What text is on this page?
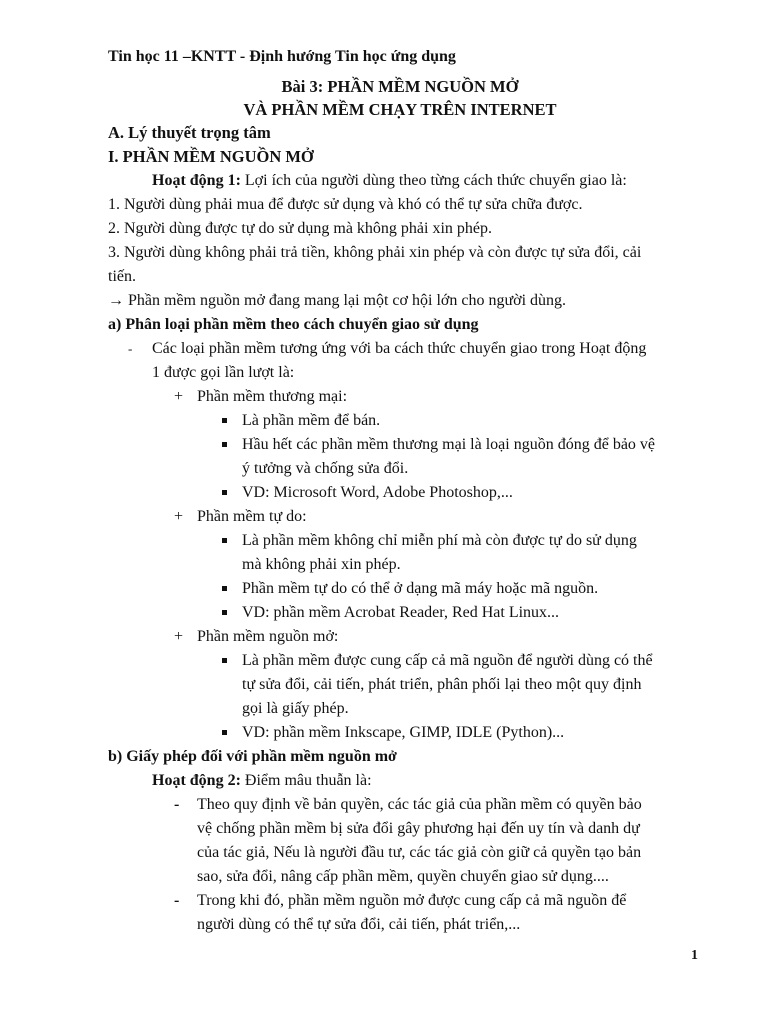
Tin học 11 –KNTT - Định hướng Tin học ứng dụng
Bài 3: PHẦN MỀM NGUỒN MỞ
VÀ PHẦN MỀM CHẠY TRÊN INTERNET
A. Lý thuyết trọng tâm
I. PHẦN MỀM NGUỒN MỞ
Hoạt động 1: Lợi ích của người dùng theo từng cách thức chuyển giao là:
1. Người dùng phải mua để được sử dụng và khó có thể tự sửa chữa được.
2. Người dùng được tự do sử dụng mà không phải xin phép.
3. Người dùng không phải trả tiền, không phải xin phép và còn được tự sửa đổi, cải
tiến.
→ Phần mềm nguồn mở đang mang lại một cơ hội lớn cho người dùng.
a) Phân loại phần mềm theo cách chuyển giao sử dụng
- Các loại phần mềm tương ứng với ba cách thức chuyển giao trong Hoạt động
1 được gọi lần lượt là:
+ Phần mềm thương mại:
Là phần mềm để bán.
Hầu hết các phần mềm thương mại là loại nguồn đóng để bảo vệ
ý tưởng và chống sửa đổi.
VD: Microsoft Word, Adobe Photoshop,...
+ Phần mềm tự do:
Là phần mềm không chỉ miễn phí mà còn được tự do sử dụng
mà không phải xin phép.
Phần mềm tự do có thể ở dạng mã máy hoặc mã nguồn.
VD: phần mềm Acrobat Reader, Red Hat Linux...
+ Phần mềm nguồn mở:
Là phần mềm được cung cấp cả mã nguồn để người dùng có thể
tự sửa đổi, cải tiến, phát triển, phân phối lại theo một quy định
gọi là giấy phép.
VD: phần mềm Inkscape, GIMP, IDLE (Python)...
b) Giấy phép đối với phần mềm nguồn mở
Hoạt động 2: Điểm mâu thuẫn là:
- Theo quy định về bản quyền, các tác giả của phần mềm có quyền bảo
vệ chống phần mềm bị sửa đổi gây phương hại đến uy tín và danh dự
của tác giả, Nếu là người đầu tư, các tác giả còn giữ cả quyền tạo bản
sao, sửa đổi, nâng cấp phần mềm, quyền chuyển giao sử dụng....
- Trong khi đó, phần mềm nguồn mở được cung cấp cả mã nguồn để
người dùng có thể tự sửa đổi, cải tiến, phát triển,...
1
